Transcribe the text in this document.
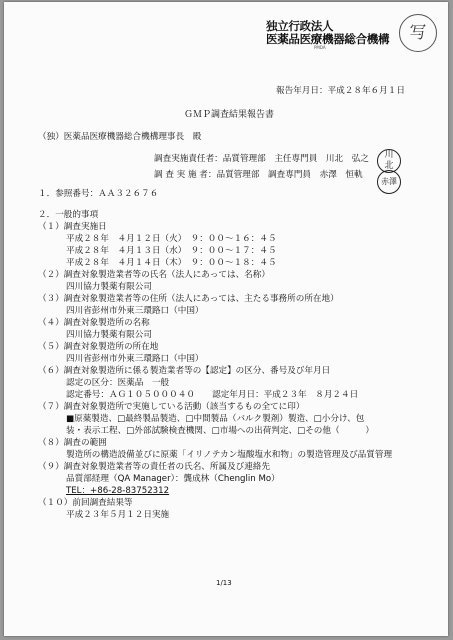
独立行政法人
医薬品医療機器総合機構
PMDA
写
報告年月日：平成２８年６月１日
ＧＭＰ調査結果報告書
（独）医薬品医療機器総合機構理事長　殿
調査実施責任者：品質管理部　主任専門員　川北　弘之
調 査 実 施 者：品質管理部　調査専門員　赤澤　恒軌
川
北
赤澤
１．参照番号：ＡＡ３２６７６
２．一般的事項
（１）調査実施日
平成２８年　４月１２日（火）　９：００～１６：４５
平成２８年　４月１３日（水）　９：００～１７：４５
平成２８年　４月１４日（木）　９：００～１８：４５
（２）調査対象製造業者等の氏名（法人にあっては、名称）
四川協力製薬有限公司
（３）調査対象製造業者等の住所（法人にあっては、主たる事務所の所在地）
四川省彭州市外東三環路口（中国）
（４）調査対象製造所の名称
四川協力製薬有限公司
（５）調査対象製造所の所在地
四川省彭州市外東三環路口（中国）
（６）調査対象製造所に係る製造業者等の【認定】の区分、番号及び年月日
認定の区分：医薬品　一般
認定番号：ＡＧ１０５０００４０　　認定年月日：平成２３年　８月２４日
（７）調査対象製造所で実施している活動（該当するもの全てに印）
■原薬製造、□最終製品製造、□中間製品（バルク製剤）製造、□小分け、包
装・表示工程、□外部試験検査機関、□市場への出荷判定、□その他（　　　）
（８）調査の範囲
製造所の構造設備並びに原薬「イリノテカン塩酸塩水和物」の製造管理及び品質管理
（９）調査対象製造業者等の責任者の氏名、所属及び連絡先
品質部経理（QA Manager）：龔成林（Chenglin Mo）
TEL：+86-28-83752312
（１０）前回調査結果等
平成２３年５月１２日実施
1/13
